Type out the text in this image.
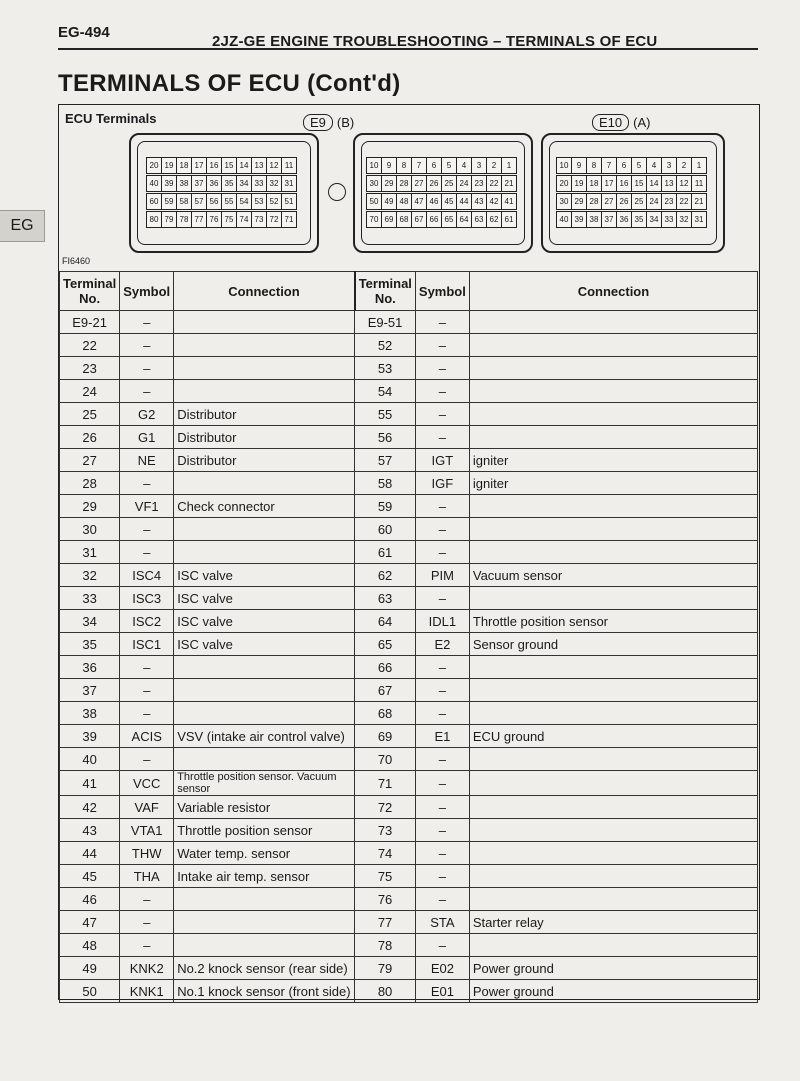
EG-494
2JZ-GE ENGINE TROUBLESHOOTING – TERMINALS OF ECU
TERMINALS OF ECU (Cont'd)
EG
ECU Terminals	E9 (B)	E10 (A)
20 19 18 17 16 15 14 13 12 11
40 39 38 37 36 35 34 33 32 31
60 59 58 57 56 55 54 53 52 51
80 79 78 77 76 75 74 73 72 71
10	9	8	7	6	5	4	3	2	1
30 29 28 27 26 25 24 23 22 21
50 49 48 47 46 45 44 43 42 41
70 69 68 67 66 65 64 63 62 61
10	9	8	7	6	5	4	3	2	1
20 19 18 17 16 15 14 13 12 11
30 29 28 27 26 25 24 23 22 21
40 39 38 37 36 35 34 33 32 31
FI6460
Terminal No.	Symbol	Connection	Terminal No.	Symbol	Connection
E9-21	–		E9-51	–	
22	–		52	–	
23	–		53	–	
24	–		54	–	
25	G2	Distributor	55	–	
26	G1	Distributor	56	–	
27	NE	Distributor	57	IGT	igniter
28	–		58	IGF	igniter
29	VF1	Check connector	59	–	
30	–		60	–	
31	–		61	–	
32	ISC4	ISC valve	62	PIM	Vacuum sensor
33	ISC3	ISC valve	63	–	
34	ISC2	ISC valve	64	IDL1	Throttle position sensor
35	ISC1	ISC valve	65	E2	Sensor ground
36	–		66	–	
37	–		67	–	
38	–		68	–	
39	ACIS	VSV (intake air control valve)	69	E1	ECU ground
40	–		70	–	
41	VCC	Throttle position sensor. Vacuum sensor	71	–	
42	VAF	Variable resistor	72	–	
43	VTA1	Throttle position sensor	73	–	
44	THW	Water temp. sensor	74	–	
45	THA	Intake air temp. sensor	75	–	
46	–		76	–	
47	–		77	STA	Starter relay
48	–		78	–	
49	KNK2	No.2 knock sensor (rear side)	79	E02	Power ground
50	KNK1	No.1 knock sensor (front side)	80	E01	Power ground
